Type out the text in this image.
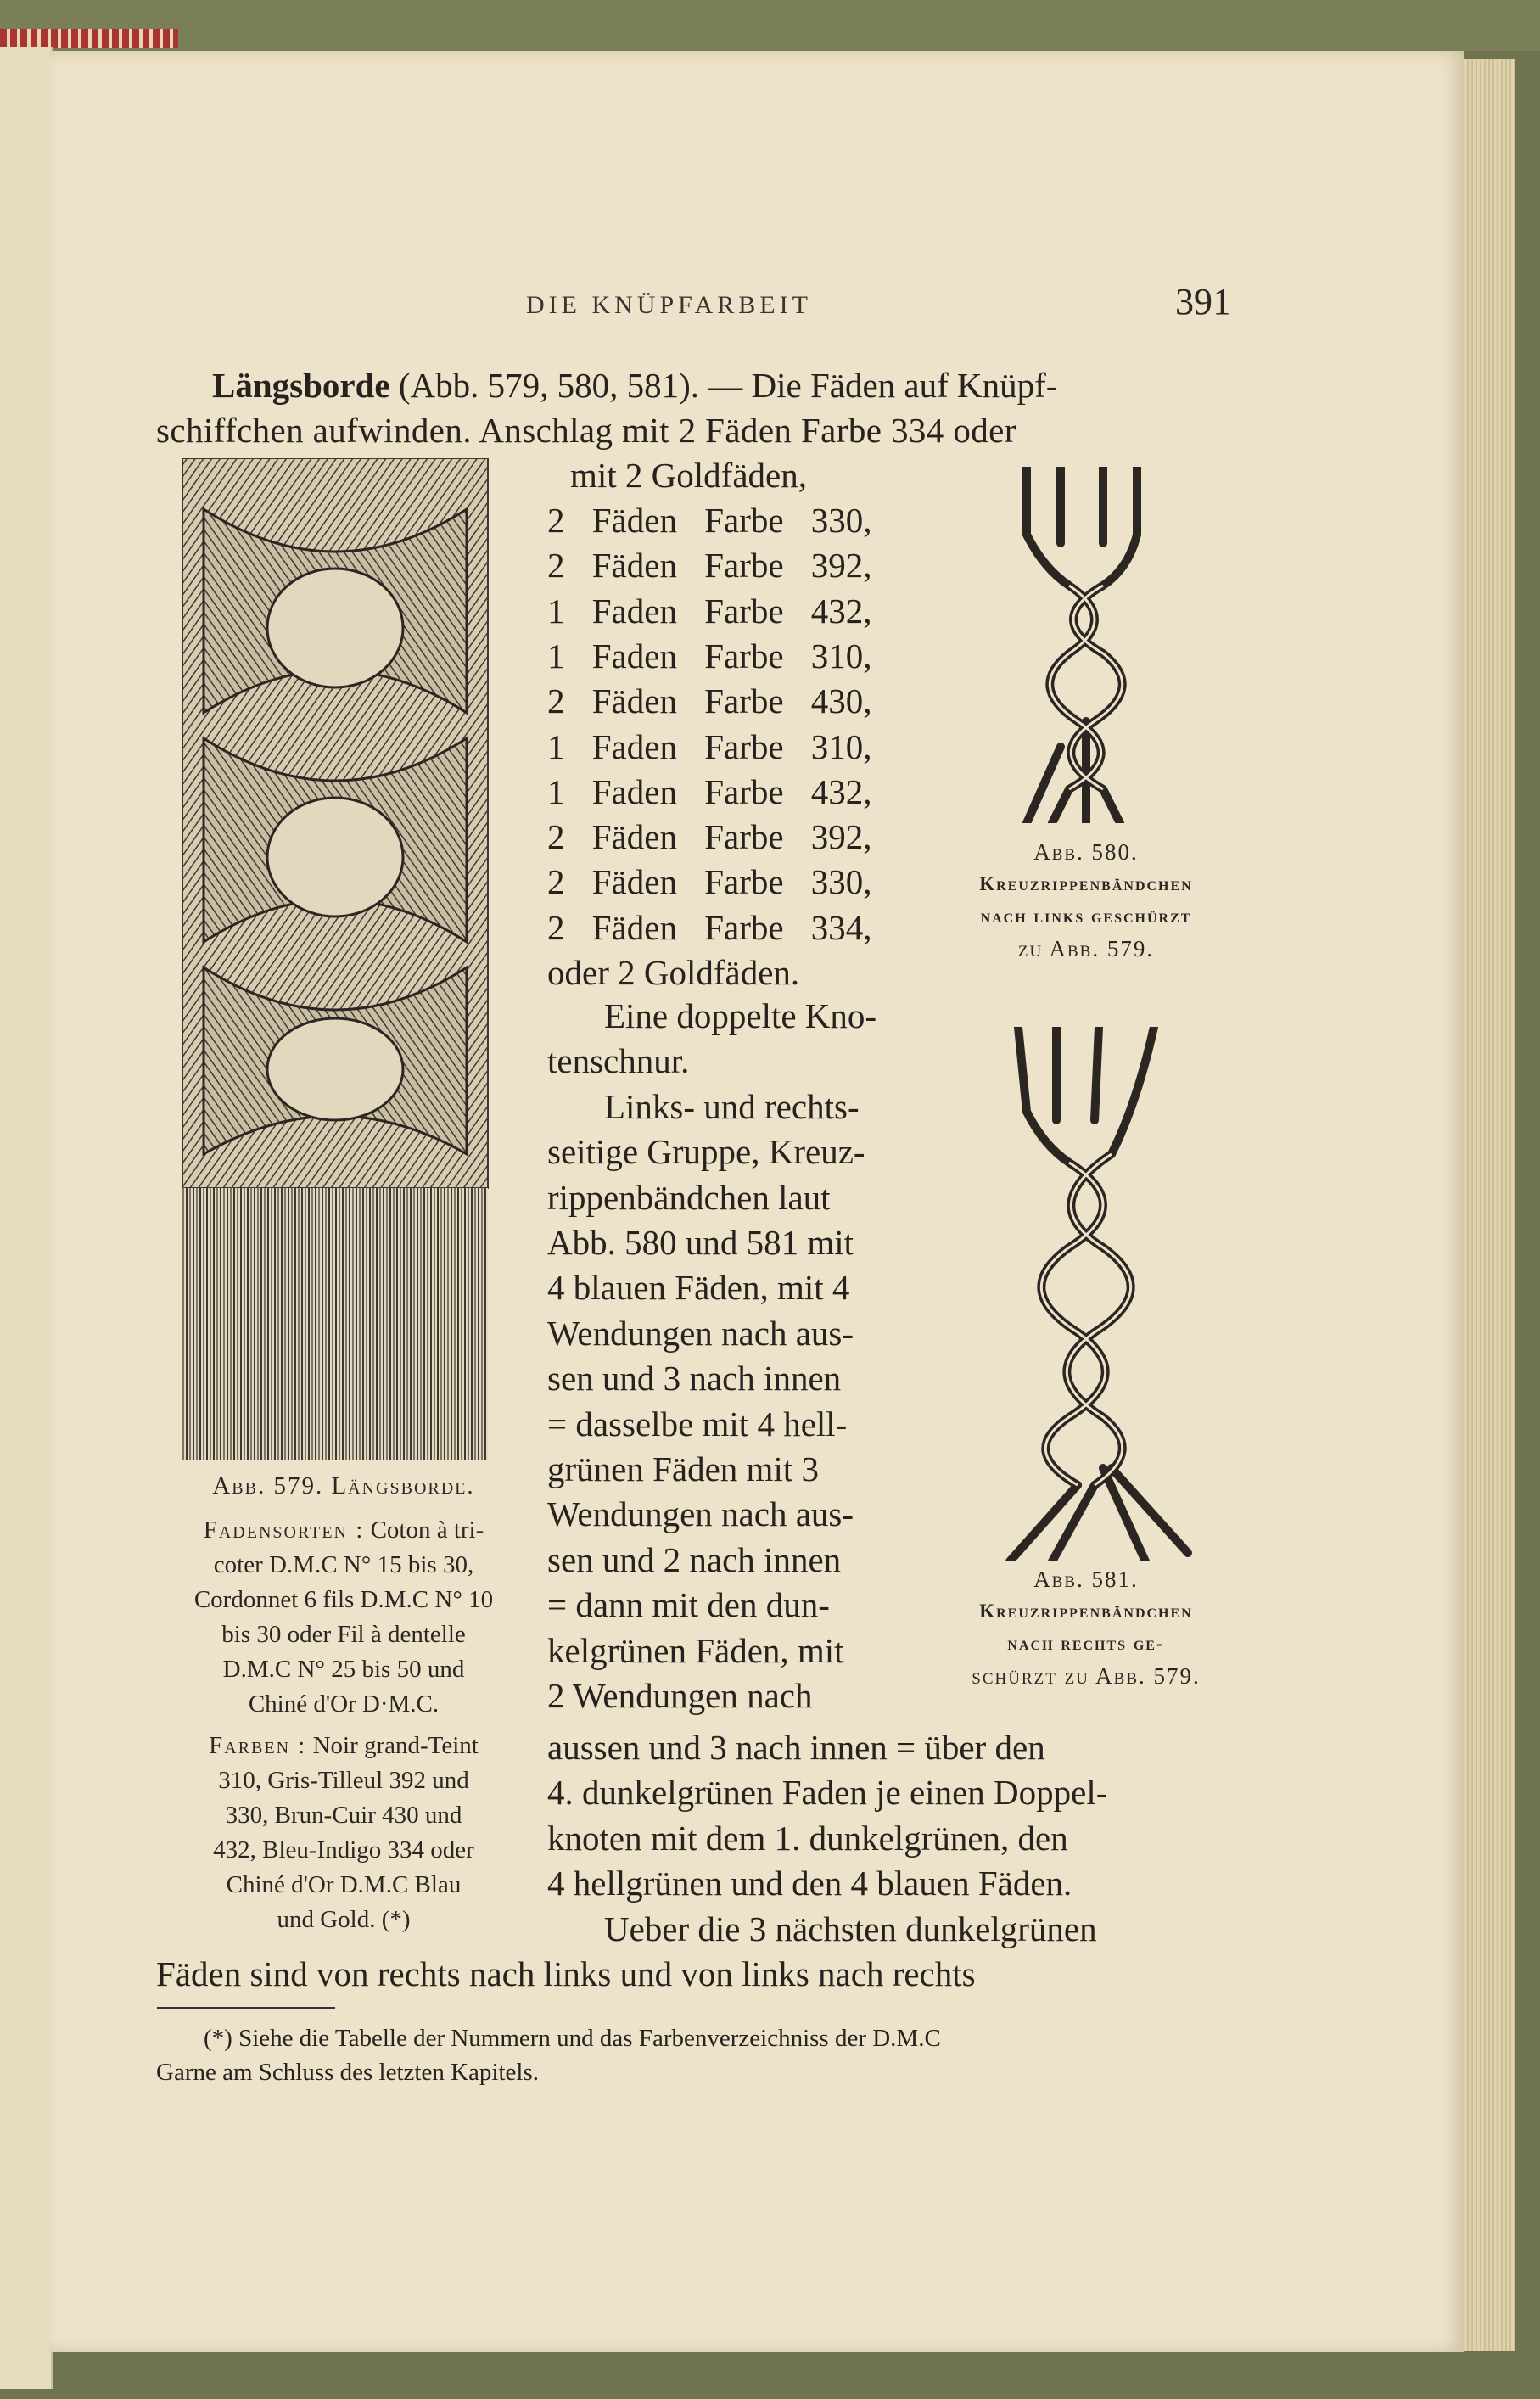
DIE KNÜPFARBEIT	391
Längsborde (Abb. 579, 580, 581). — Die Fäden auf Knüpf-
schiffchen aufwinden. Anschlag mit 2 Fäden Farbe 334 oder
mit 2 Goldfäden,
2 Fäden Farbe 330,
2 Fäden Farbe 392,
1 Faden Farbe 432,
1 Faden Farbe 310,
2 Fäden Farbe 430,
1 Faden Farbe 310,
1 Faden Farbe 432,
2 Fäden Farbe 392,
2 Fäden Farbe 330,
2 Fäden Farbe 334,
oder 2 Goldfäden.
Eine doppelte Kno-
tenschnur.
Links- und rechts-
seitige Gruppe, Kreuz-
rippenbändchen laut
Abb. 580 und 581 mit
4 blauen Fäden, mit 4
Wendungen nach aus-
sen und 3 nach innen
= dasselbe mit 4 hell-
grünen Fäden mit 3
Wendungen nach aus-
sen und 2 nach innen
= dann mit den dun-
kelgrünen Fäden, mit
2 Wendungen nach
aussen und 3 nach innen = über den
4. dunkelgrünen Faden je einen Doppel-
knoten mit dem 1. dunkelgrünen, den
4 hellgrünen und den 4 blauen Fäden.
Ueber die 3 nächsten dunkelgrünen
Fäden sind von rechts nach links und von links nach rechts
Abb. 579. Längsborde.
Fadensorten : Coton à tri-
coter D.M.C N° 15 bis 30,
Cordonnet 6 fils D.M.C N° 10
bis 30 oder Fil à dentelle
D.M.C N° 25 bis 50 und
Chiné d'Or D·M.C.
Farben : Noir grand-Teint
310, Gris-Tilleul 392 und
330, Brun-Cuir 430 und
432, Bleu-Indigo 334 oder
Chiné d'Or D.M.C Blau
und Gold. (*)
Abb. 580.
Kreuzrippenbändchen
nach links geschürzt
zu Abb. 579.
Abb. 581.
Kreuzrippenbändchen
nach rechts ge-
schürzt zu Abb. 579.
(*) Siehe die Tabelle der Nummern und das Farbenverzeichniss der D.M.C
Garne am Schluss des letzten Kapitels.
